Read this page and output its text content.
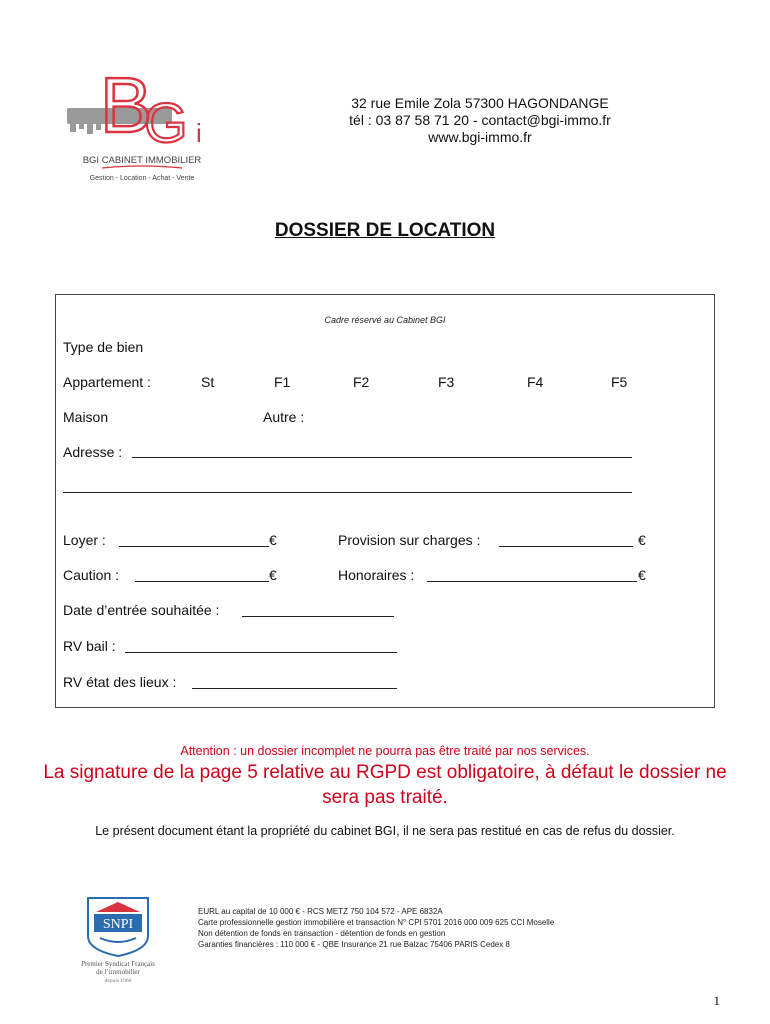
B
G i
BGI CABINET IMMOBILIER
Gestion - Location - Achat - Vente
32 rue Emile Zola 57300 HAGONDANGE
tél : 03 87 58 71 20 - contact@bgi-immo.fr
www.bgi-immo.fr
DOSSIER DE LOCATION
Cadre réservé au Cabinet BGI
Type de bien
Appartement :	St	F1	F2	F3	F4	F5
Maison	Autre :
Adresse :
Loyer :	€	Provision sur charges :	€
Caution :	€	Honoraires :	€
Date d’entrée souhaitée :
RV bail :
RV état des lieux :
Attention : un dossier incomplet ne pourra pas être traité par nos services.
La signature de la page 5 relative au RGPD est obligatoire, à défaut le dossier ne sera pas traité.
Le présent document étant la propriété du cabinet BGI, il ne sera pas restitué en cas de refus du dossier.
SNPI
Premier Syndicat Français
de l’immobilier
depuis 1960
EURL au capital de 10 000 € - RCS METZ 750 104 572 - APE 6832A
Carte professionnelle gestion immobilière et transaction N° CPI 5701 2016 000 009 625 CCI Moselle
Non détention de fonds en transaction - détention de fonds en gestion
Garanties financières : 110 000 € - QBE Insurance 21 rue Balzac 75406 PARIS Cedex 8
1
